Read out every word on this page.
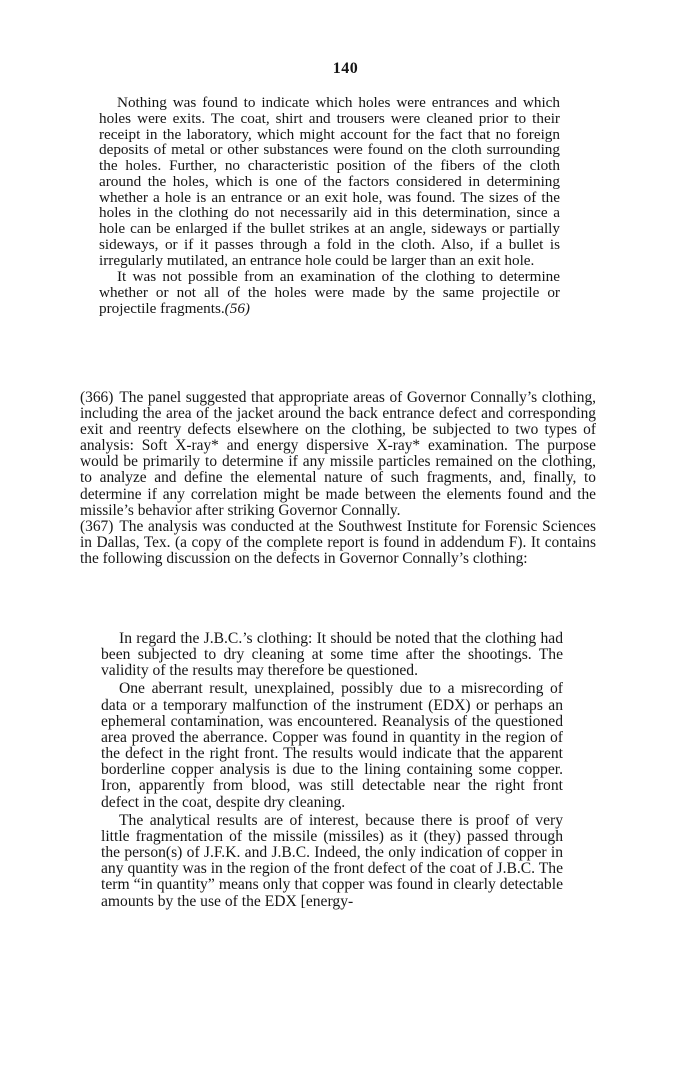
140

Nothing was found to indicate which holes were entrances and which holes were exits. The coat, shirt and trousers were cleaned prior to their receipt in the laboratory, which might account for the fact that no foreign deposits of metal or other substances were found on the cloth surrounding the holes. Further, no characteristic position of the fibers of the cloth around the holes, which is one of the factors considered in determining whether a hole is an entrance or an exit hole, was found. The sizes of the holes in the clothing do not necessarily aid in this determination, since a hole can be enlarged if the bullet strikes at an angle, sideways or partially sideways, or if it passes through a fold in the cloth. Also, if a bullet is irregularly mutilated, an entrance hole could be larger than an exit hole.

It was not possible from an examination of the clothing to determine whether or not all of the holes were made by the same projectile or projectile fragments.(56)

(366) The panel suggested that appropriate areas of Governor Connally’s clothing, including the area of the jacket around the back entrance defect and corresponding exit and reentry defects elsewhere on the clothing, be subjected to two types of analysis: Soft X-ray* and energy dispersive X-ray* examination. The purpose would be primarily to determine if any missile particles remained on the clothing, to analyze and define the elemental nature of such fragments, and, finally, to determine if any correlation might be made between the elements found and the missile’s behavior after striking Governor Connally.

(367) The analysis was conducted at the Southwest Institute for Forensic Sciences in Dallas, Tex. (a copy of the complete report is found in addendum F). It contains the following discussion on the defects in Governor Connally’s clothing:

In regard the J.B.C.’s clothing: It should be noted that the clothing had been subjected to dry cleaning at some time after the shootings. The validity of the results may therefore be questioned.

One aberrant result, unexplained, possibly due to a misrecording of data or a temporary malfunction of the instrument (EDX) or perhaps an ephemeral contamination, was encountered. Reanalysis of the questioned area proved the aberrance. Copper was found in quantity in the region of the defect in the right front. The results would indicate that the apparent borderline copper analysis is due to the lining containing some copper. Iron, apparently from blood, was still detectable near the right front defect in the coat, despite dry cleaning.

The analytical results are of interest, because there is proof of very little fragmentation of the missile (missiles) as it (they) passed through the person(s) of J.F.K. and J.B.C. Indeed, the only indication of copper in any quantity was in the region of the front defect of the coat of J.B.C. The term “in quantity” means only that copper was found in clearly detectable amounts by the use of the EDX [energy-
